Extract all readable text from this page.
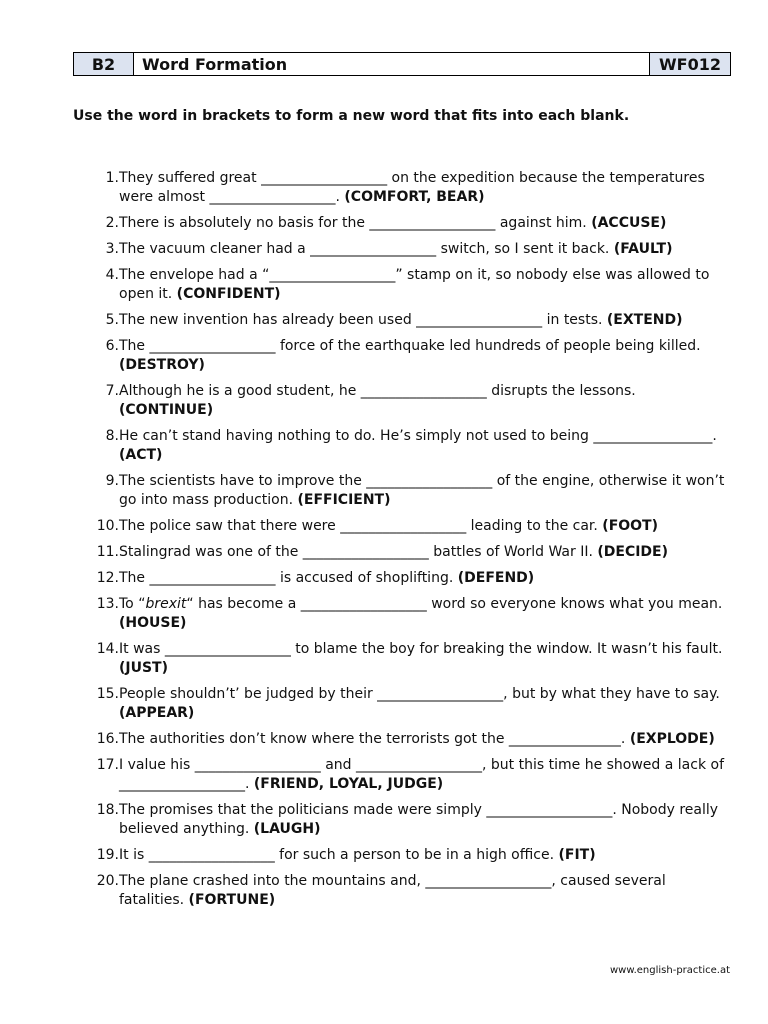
B2	Word Formation	WF012
Use the word in brackets to form a new word that fits into each blank.
1. They suffered great __________________ on the expedition because the temperatures were almost __________________. (COMFORT, BEAR)
2. There is absolutely no basis for the __________________ against him. (ACCUSE)
3. The vacuum cleaner had a __________________ switch, so I sent it back. (FAULT)
4. The envelope had a “__________________” stamp on it, so nobody else was allowed to open it. (CONFIDENT)
5. The new invention has already been used __________________ in tests. (EXTEND)
6. The __________________ force of the earthquake led hundreds of people being killed. (DESTROY)
7. Although he is a good student, he __________________ disrupts the lessons. (CONTINUE)
8. He can’t stand having nothing to do. He’s simply not used to being _________________. (ACT)
9. The scientists have to improve the __________________ of the engine, otherwise it won’t go into mass production. (EFFICIENT)
10. The police saw that there were __________________ leading to the car. (FOOT)
11. Stalingrad was one of the __________________ battles of World War II. (DECIDE)
12. The __________________ is accused of shoplifting. (DEFEND)
13. To “brexit“ has become a __________________ word so everyone knows what you mean. (HOUSE)
14. It was __________________ to blame the boy for breaking the window. It wasn’t his fault. (JUST)
15. People shouldn’t’ be judged by their __________________, but by what they have to say. (APPEAR)
16. The authorities don’t know where the terrorists got the ________________. (EXPLODE)
17. I value his __________________ and __________________, but this time he showed a lack of __________________. (FRIEND, LOYAL, JUDGE)
18. The promises that the politicians made were simply __________________. Nobody really believed anything. (LAUGH)
19. It is __________________ for such a person to be in a high office. (FIT)
20. The plane crashed into the mountains and, __________________, caused several fatalities. (FORTUNE)
www.english-practice.at
